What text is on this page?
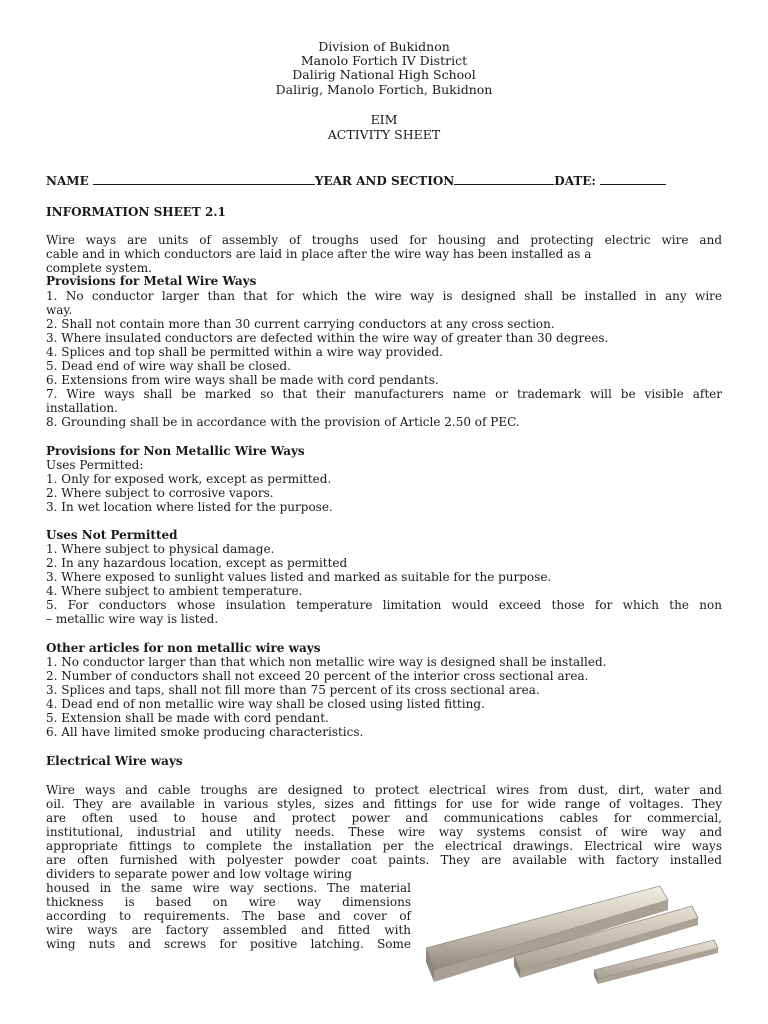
Division of Bukidnon
Manolo Fortich IV District
Dalirig National High School
Dalirig, Manolo Fortich, Bukidnon
EIM
ACTIVITY SHEET
NAME	YEAR AND SECTION	DATE:
INFORMATION SHEET 2.1
Wire ways are units of assembly of troughs used for housing and protecting electric wire and
cable and in which conductors are laid in place after the wire way has been installed as a
complete system.
Provisions for Metal Wire Ways
1. No conductor larger than that for which the wire way is designed shall be installed in any wire
way.
2. Shall not contain more than 30 current carrying conductors at any cross section.
3. Where insulated conductors are defected within the wire way of greater than 30 degrees.
4. Splices and top shall be permitted within a wire way provided.
5. Dead end of wire way shall be closed.
6. Extensions from wire ways shall be made with cord pendants.
7. Wire ways shall be marked so that their manufacturers name or trademark will be visible after
installation.
8. Grounding shall be in accordance with the provision of Article 2.50 of PEC.
Provisions for Non Metallic Wire Ways
Uses Permitted:
1. Only for exposed work, except as permitted.
2. Where subject to corrosive vapors.
3. In wet location where listed for the purpose.
Uses Not Permitted
1. Where subject to physical damage.
2. In any hazardous location, except as permitted
3. Where exposed to sunlight values listed and marked as suitable for the purpose.
4. Where subject to ambient temperature.
5. For conductors whose insulation temperature limitation would exceed those for which the non
– metallic wire way is listed.
Other articles for non metallic wire ways
1. No conductor larger than that which non metallic wire way is designed shall be installed.
2. Number of conductors shall not exceed 20 percent of the interior cross sectional area.
3. Splices and taps, shall not fill more than 75 percent of its cross sectional area.
4. Dead end of non metallic wire way shall be closed using listed fitting.
5. Extension shall be made with cord pendant.
6. All have limited smoke producing characteristics.
Electrical Wire ways
Wire ways and cable troughs are designed to protect electrical wires from dust, dirt, water and
oil. They are available in various styles, sizes and fittings for use for wide range of voltages. They
are often used to house and protect power and communications cables for commercial,
institutional, industrial and utility needs. These wire way systems consist of wire way and
appropriate fittings to complete the installation per the electrical drawings. Electrical wire ways
are often furnished with polyester powder coat paints. They are available with factory installed
dividers to separate power and low voltage wiring
housed in the same wire way sections. The material
thickness is based on wire way dimensions
according to requirements. The base and cover of
wire ways are factory assembled and fitted with
wing nuts and screws for positive latching. Some
